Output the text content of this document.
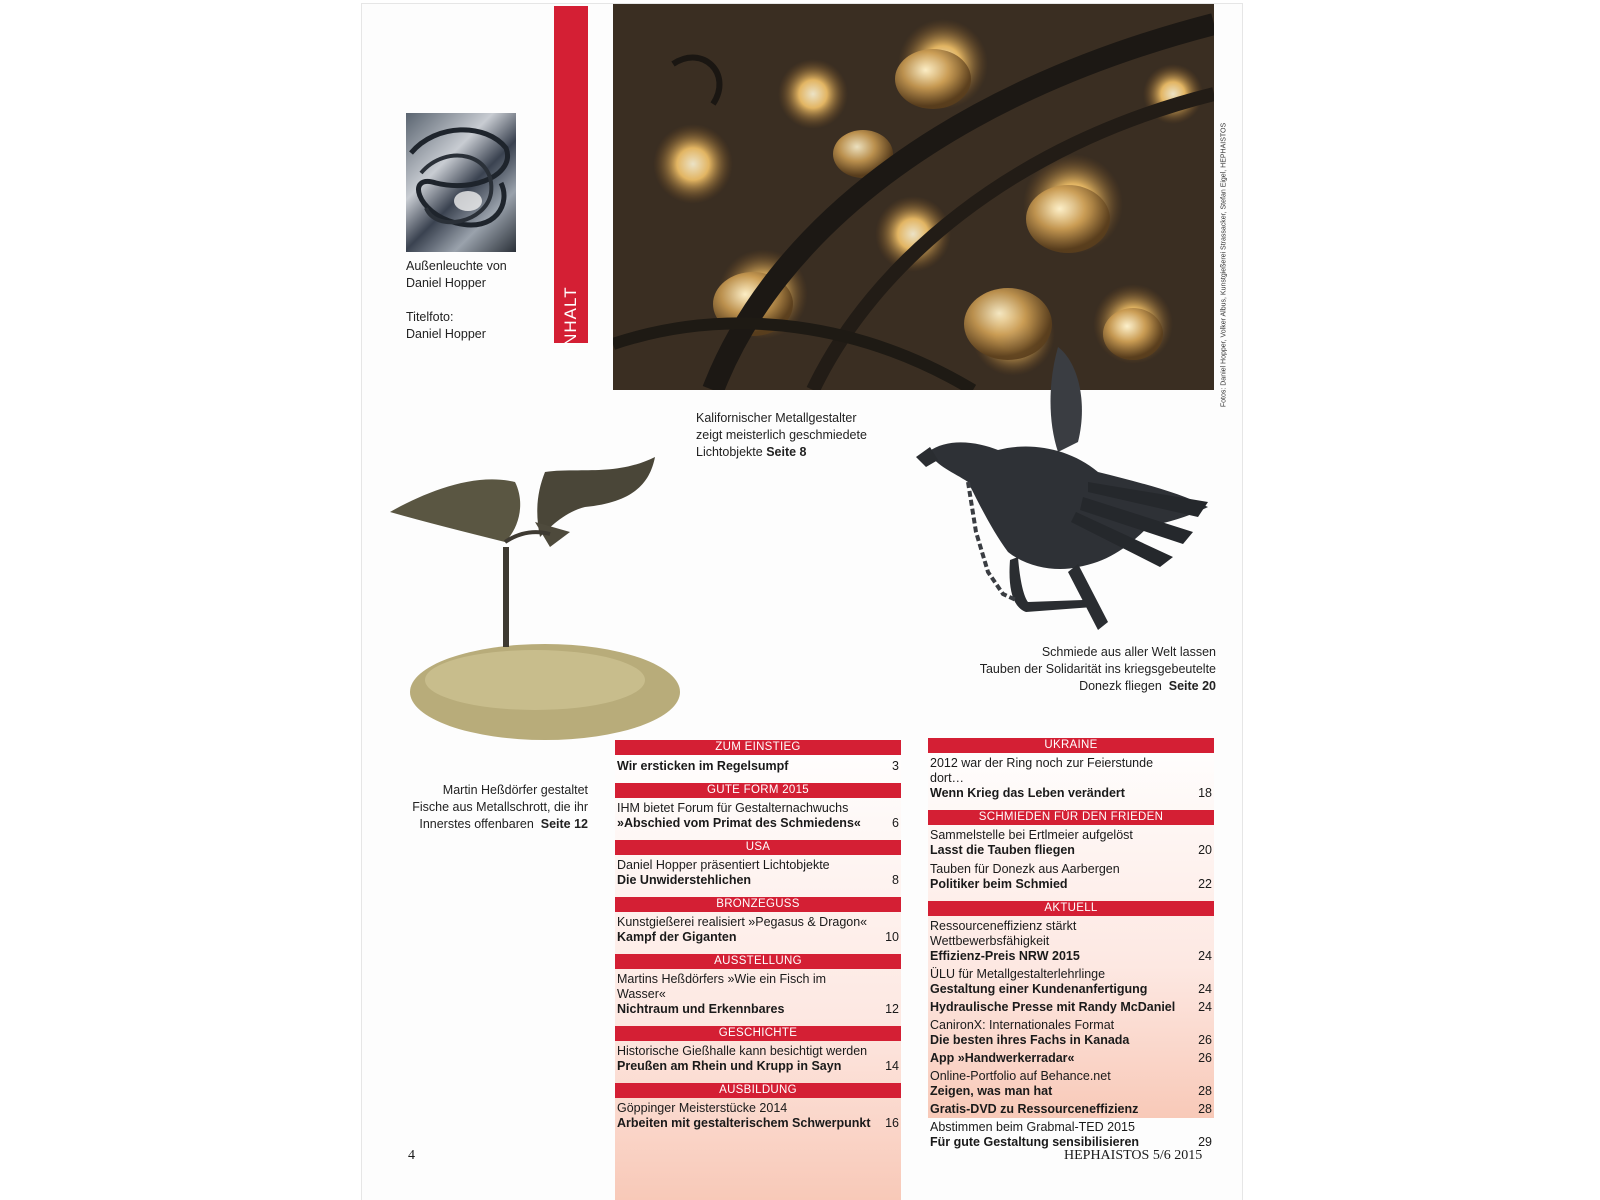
Außenleuchte von
Daniel Hopper
Titelfoto:
Daniel Hopper	INHALT	Fotos: Daniel Hopper, Volker Albus, Kunstgießerei Strassacker, Stefan Eigel, HEPHAISTOS
Kalifornischer Metallgestalter
zeigt meisterlich geschmiedete
Lichtobjekte Seite 8
Schmiede aus aller Welt lassen
Tauben der Solidarität ins kriegsgebeutelte
Donezk fliegen Seite 20
Martin Heßdörfer gestaltet
Fische aus Metallschrott, die ihr
Innerstes offenbaren Seite 12
ZUM EINSTIEG
Wir ersticken im Regelsumpf	3
GUTE FORM 2015
IHM bietet Forum für Gestalternachwuchs
»Abschied vom Primat des Schmiedens«	6
USA
Daniel Hopper präsentiert Lichtobjekte
Die Unwiderstehlichen	8
BRONZEGUSS
Kunstgießerei realisiert »Pegasus & Dragon«
Kampf der Giganten	10
AUSSTELLUNG
Martins Heßdörfers »Wie ein Fisch im Wasser«
Nichtraum und Erkennbares	12
GESCHICHTE
Historische Gießhalle kann besichtigt werden
Preußen am Rhein und Krupp in Sayn	14
AUSBILDUNG
Göppinger Meisterstücke 2014
Arbeiten mit gestalterischem Schwerpunkt 16
UKRAINE
2012 war der Ring noch zur Feierstunde dort…
Wenn Krieg das Leben verändert	18
SCHMIEDEN FÜR DEN FRIEDEN
Sammelstelle bei Ertlmeier aufgelöst
Lasst die Tauben fliegen	20
Tauben für Donezk aus Aarbergen
Politiker beim Schmied	22
AKTUELL
Ressourceneffizienz stärkt Wettbewerbsfähigkeit
Effizienz-Preis NRW 2015	24
ÜLU für Metallgestalterlehrlinge
Gestaltung einer Kundenanfertigung	24
Hydraulische Presse mit Randy McDaniel	24
CanironX: Internationales Format
Die besten ihres Fachs in Kanada	26
App »Handwerkerradar«	26
Online-Portfolio auf Behance.net
Zeigen, was man hat	28
Gratis-DVD zu Ressourceneffizienz	28
Abstimmen beim Grabmal-TED 2015
Für gute Gestaltung sensibilisieren	29
4	HEPHAISTOS 5/6 2015
